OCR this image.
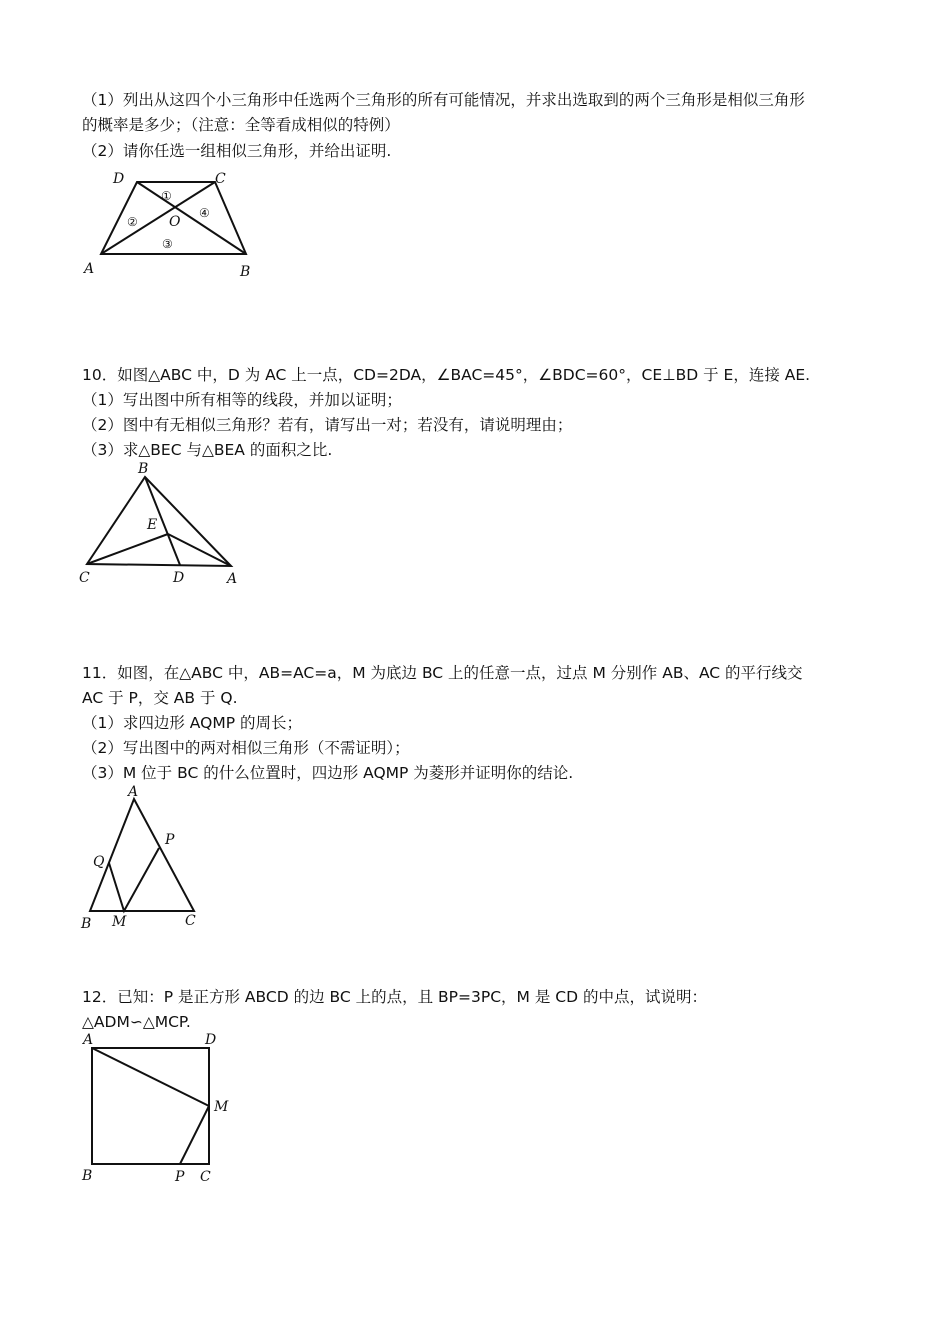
（1）列出从这四个小三角形中任选两个三角形的所有可能情况，并求出选取到的两个三角形是相似三角形
的概率是多少；（注意：全等看成相似的特例）
（2）请你任选一组相似三角形，并给出证明.
D	C
A	B
O
①
②
③
④
10．如图△ABC 中，D 为 AC 上一点，CD=2DA，∠BAC=45°，∠BDC=60°，CE⊥BD 于 E，连接 AE.
（1）写出图中所有相等的线段，并加以证明；
（2）图中有无相似三角形？若有，请写出一对；若没有，请说明理由；
（3）求△BEC 与△BEA 的面积之比.
B
E
C	D	A
11．如图，在△ABC 中，AB=AC=a，M 为底边 BC 上的任意一点，过点 M 分别作 AB、AC 的平行线交
AC 于 P，交 AB 于 Q.
（1）求四边形 AQMP 的周长；
（2）写出图中的两对相似三角形（不需证明）；
（3）M 位于 BC 的什么位置时，四边形 AQMP 为菱形并证明你的结论.
A
P
Q
B M	C
12．已知：P 是正方形 ABCD 的边 BC 上的点，且 BP=3PC，M 是 CD 的中点，试说明：
△ADM∽△MCP.
A	D
M
B	P C
